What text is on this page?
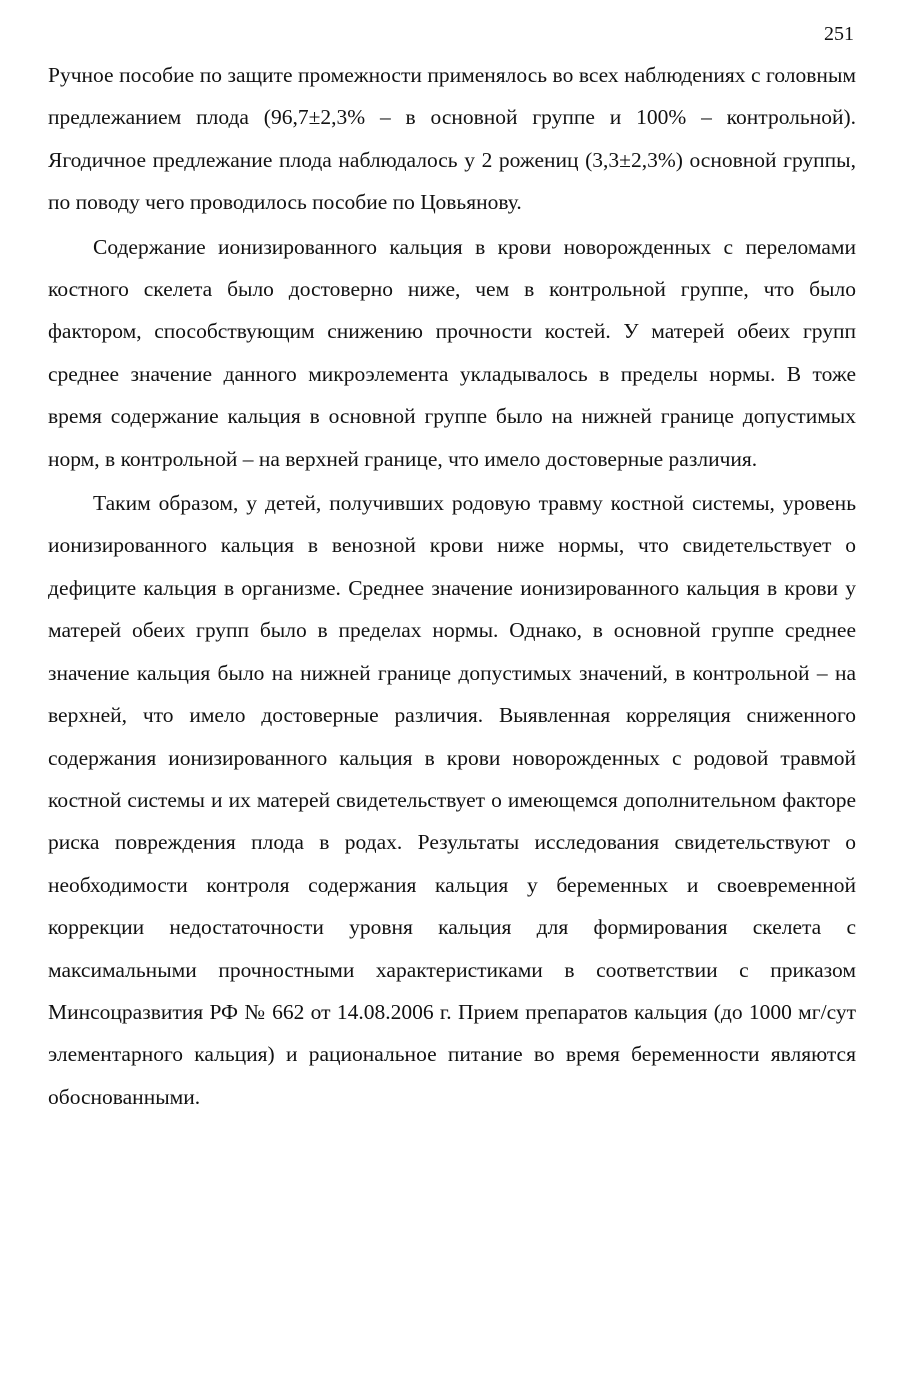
251

Ручное пособие по защите промежности применялось во всех наблюдениях с головным предлежанием плода (96,7±2,3% – в основной группе и 100% – контрольной). Ягодичное предлежание плода наблюдалось у 2 рожениц (3,3±2,3%) основной группы, по поводу чего проводилось пособие по Цовьянову.

Содержание ионизированного кальция в крови новорожденных с переломами костного скелета было достоверно ниже, чем в контрольной группе, что было фактором, способствующим снижению прочности костей. У матерей обеих групп среднее значение данного микроэлемента укладывалось в пределы нормы. В тоже время содержание кальция в основной группе было на нижней границе допустимых норм, в контрольной – на верхней границе, что имело достоверные различия.

Таким образом, у детей, получивших родовую травму костной системы, уровень ионизированного кальция в венозной крови ниже нормы, что свидетельствует о дефиците кальция в организме. Среднее значение ионизированного кальция в крови у матерей обеих групп было в пределах нормы. Однако, в основной группе среднее значение кальция было на нижней границе допустимых значений, в контрольной – на верхней, что имело достоверные различия. Выявленная корреляция сниженного содержания ионизированного кальция в крови новорожденных с родовой травмой костной системы и их матерей свидетельствует о имеющемся дополнительном факторе риска повреждения плода в родах. Результаты исследования свидетельствуют о необходимости контроля содержания кальция у беременных и своевременной коррекции недостаточности уровня кальция для формирования скелета с максимальными прочностными характеристиками в соответствии с приказом Минсоцразвития РФ № 662 от 14.08.2006 г. Прием препаратов кальция (до 1000 мг/сут элементарного кальция) и рациональное питание во время беременности являются обоснованными.
